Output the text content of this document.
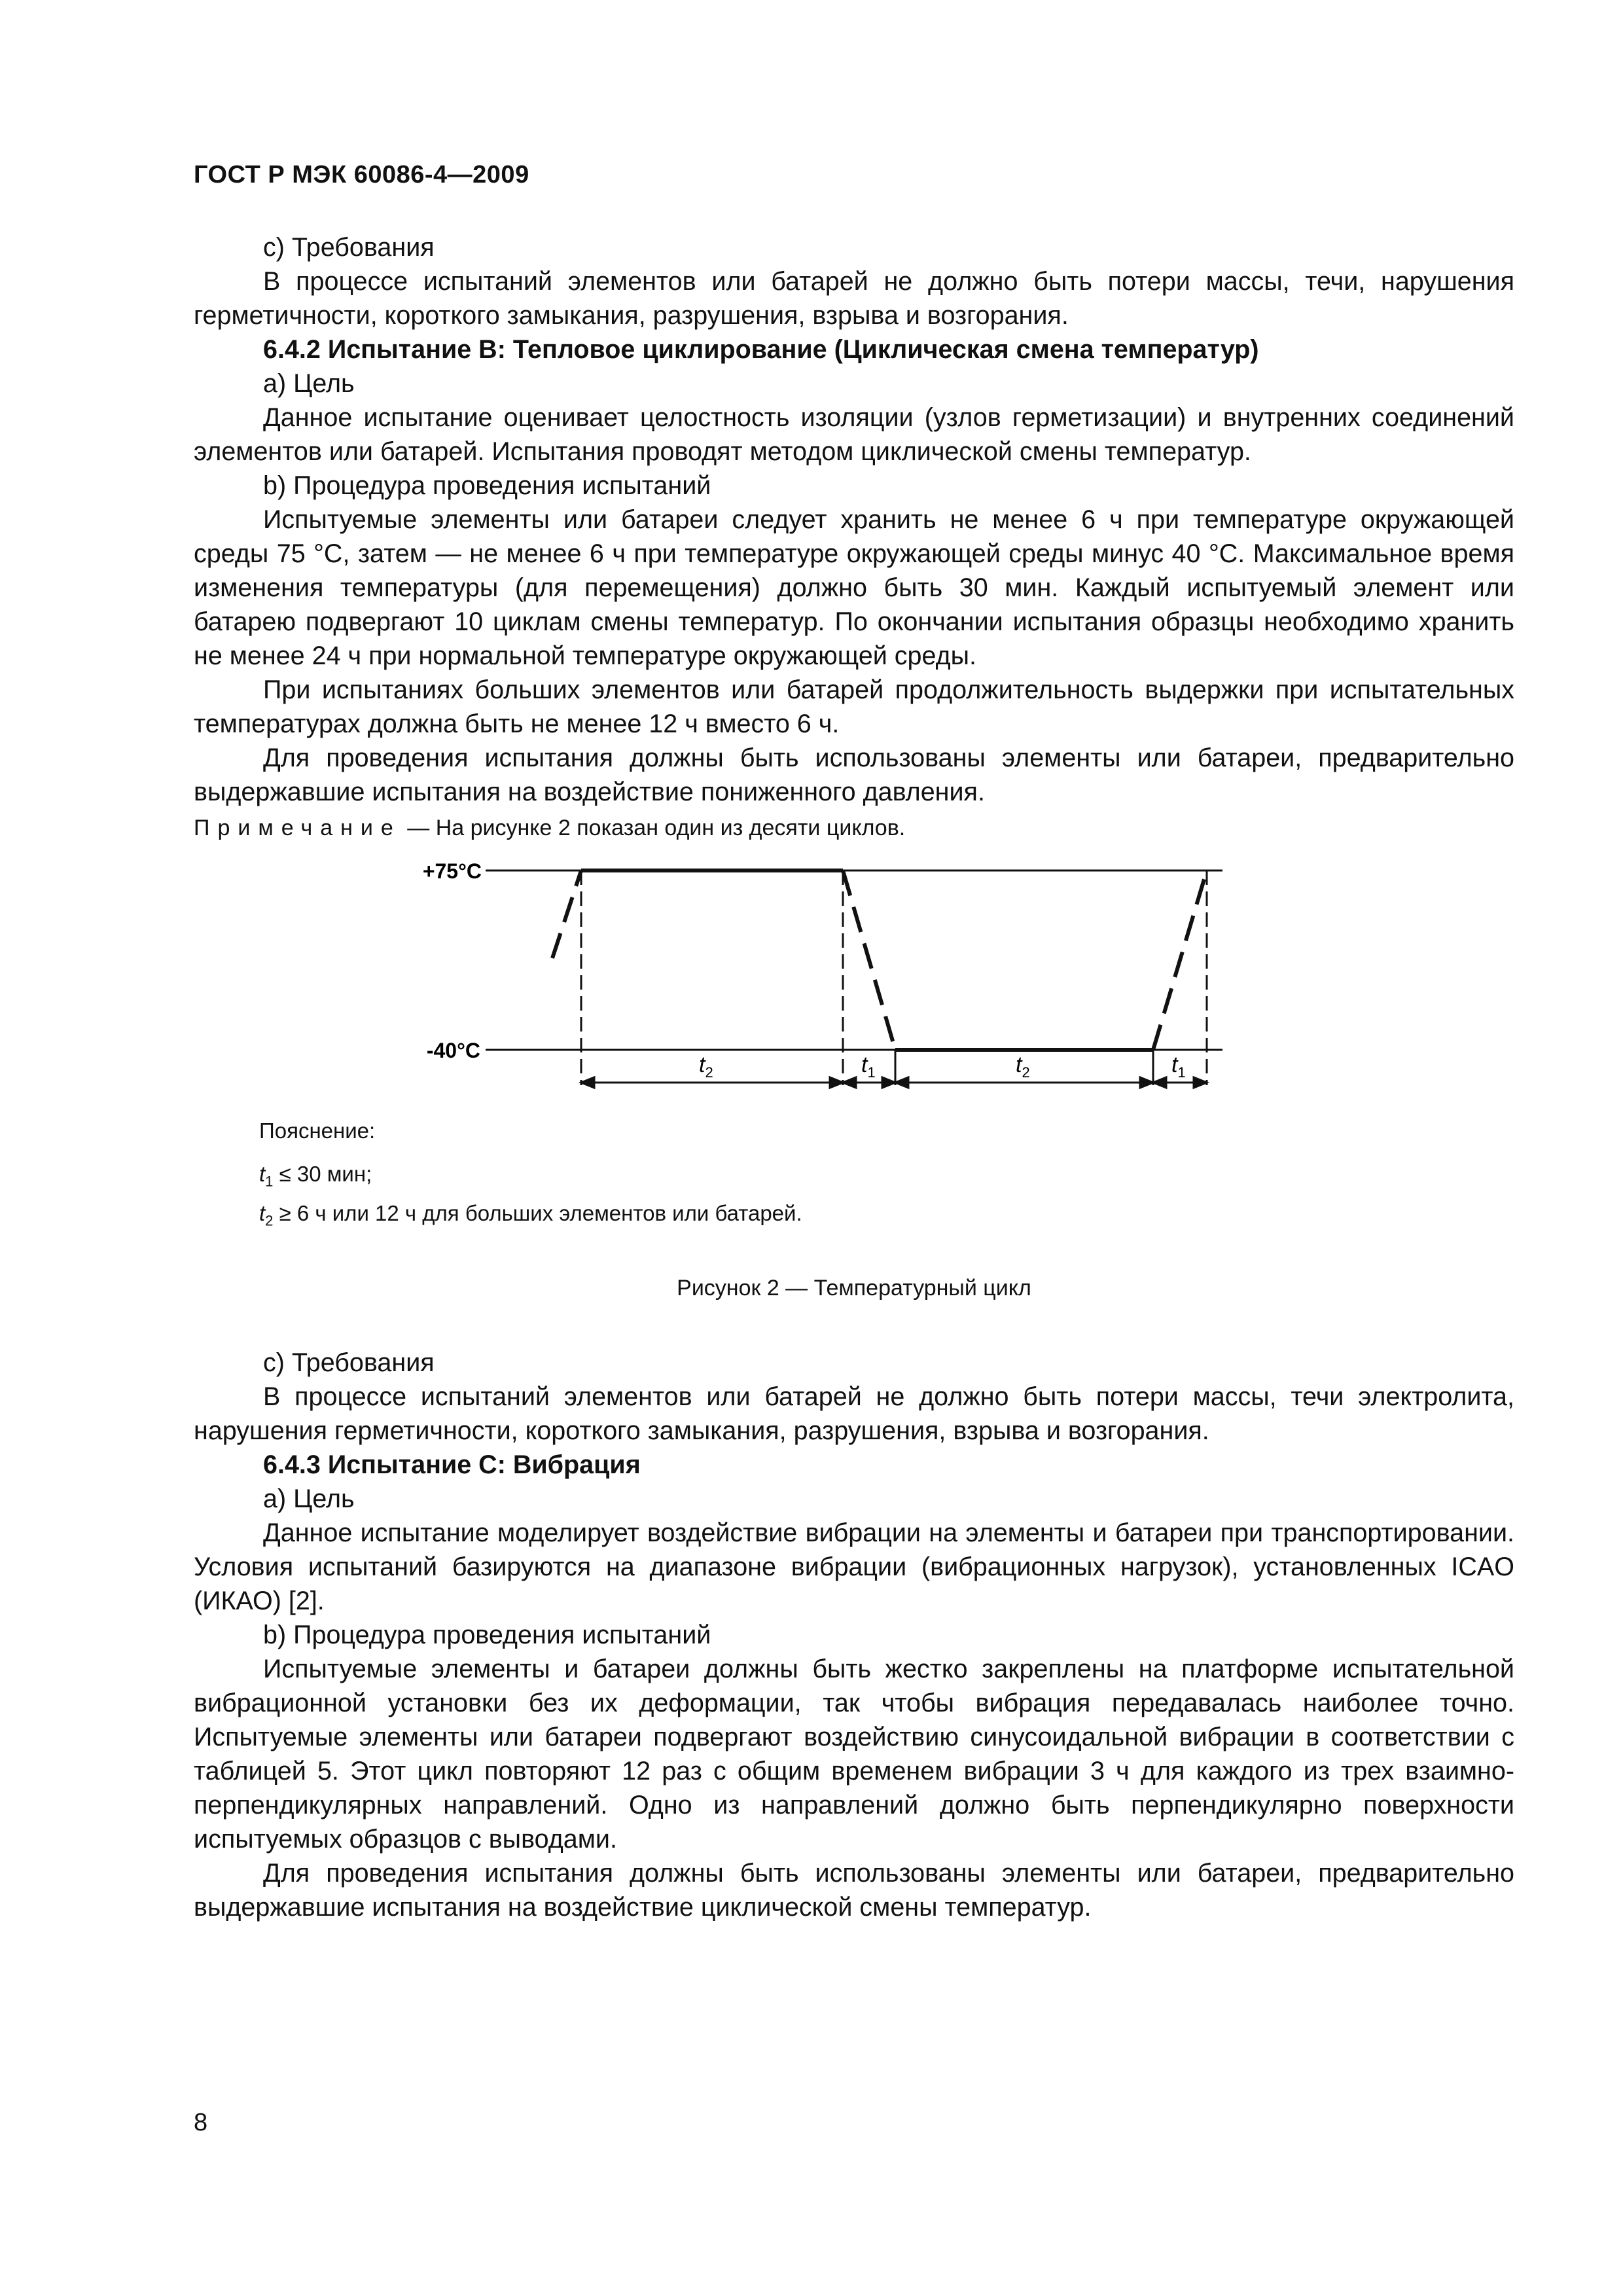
ГОСТ Р МЭК 60086-4—2009

c) Требования

В процессе испытаний элементов или батарей не должно быть потери массы, течи, нарушения герметичности, короткого замыкания, разрушения, взрыва и возгорания.

6.4.2 Испытание В: Тепловое циклирование (Циклическая смена температур)

a) Цель

Данное испытание оценивает целостность изоляции (узлов герметизации) и внутренних соединений элементов или батарей. Испытания проводят методом циклической смены температур.

b) Процедура проведения испытаний

Испытуемые элементы или батареи следует хранить не менее 6 ч при температуре окружающей среды 75 °С, затем — не менее 6 ч при температуре окружающей среды минус 40 °С. Максимальное время изменения температуры (для перемещения) должно быть 30 мин. Каждый испытуемый элемент или батарею подвергают 10 циклам смены температур. По окончании испытания образцы необходимо хранить не менее 24 ч при нормальной температуре окружающей среды.

При испытаниях больших элементов или батарей продолжительность выдержки при испытательных температурах должна быть не менее 12 ч вместо 6 ч.

Для проведения испытания должны быть использованы элементы или батареи, предварительно выдержавшие испытания на воздействие пониженного давления.

Примечание — На рисунке 2 показан один из десяти циклов.

+75°C
-40°C
$t_2$	$t_1$	$t_2$	$t_1$
Пояснение:
$t_1 \le 30$ мин;
$t_2 \ge 6$ ч или 12 ч для больших элементов или батарей.
Рисунок 2 — Температурный цикл

c) Требования

В процессе испытаний элементов или батарей не должно быть потери массы, течи электролита, нарушения герметичности, короткого замыкания, разрушения, взрыва и возгорания.

6.4.3 Испытание С: Вибрация

a) Цель

Данное испытание моделирует воздействие вибрации на элементы и батареи при транспортировании. Условия испытаний базируются на диапазоне вибрации (вибрационных нагрузок), установленных ICAO (ИКАО) [2].

b) Процедура проведения испытаний

Испытуемые элементы и батареи должны быть жестко закреплены на платформе испытательной вибрационной установки без их деформации, так чтобы вибрация передавалась наиболее точно. Испытуемые элементы или батареи подвергают воздействию синусоидальной вибрации в соответствии с таблицей 5. Этот цикл повторяют 12 раз с общим временем вибрации 3 ч для каждого из трех взаимно-перпендикулярных направлений. Одно из направлений должно быть перпендикулярно поверхности испытуемых образцов с выводами.

Для проведения испытания должны быть использованы элементы или батареи, предварительно выдержавшие испытания на воздействие циклической смены температур.

8
